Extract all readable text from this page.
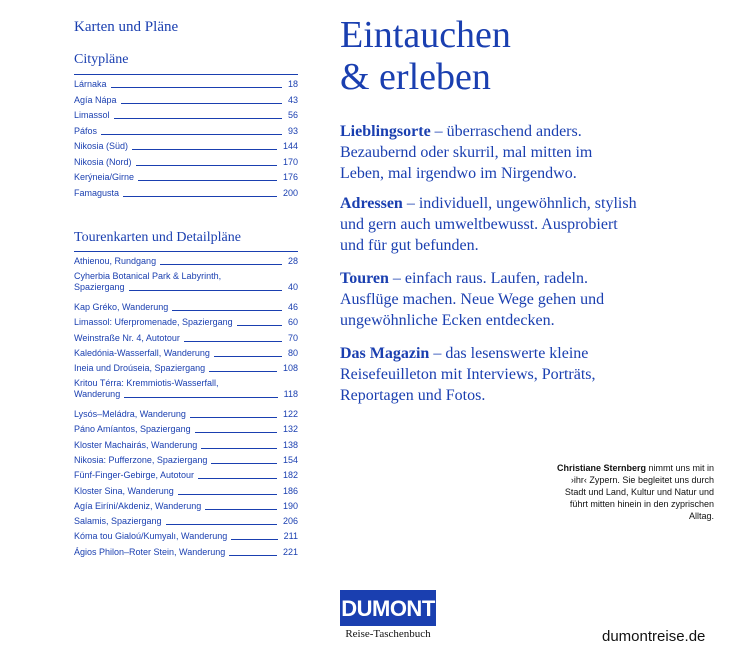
Karten und Pläne
Citypläne
Lárnaka	18
Agía Nápa	43
Limassol	56
Páfos	93
Nikosia (Süd)	144
Nikosia (Nord)	170
Kerýneia/Girne	176
Famagusta	200
Tourenkarten und Detailpläne
Athienou, Rundgang	28
Cyherbia Botanical Park & Labyrinth,
Spaziergang	40
Kap Gréko, Wanderung	46
Limassol: Uferpromenade, Spaziergang	60
Weinstraße Nr. 4, Autotour	70
Kaledónia-Wasserfall, Wanderung	80
Ineia und Droúseia, Spaziergang	108
Kritou Térra: Kremmiotis-Wasserfall,
Wanderung	118
Lysós–Meládra, Wanderung	122
Páno Amíantos, Spaziergang	132
Kloster Machairás, Wanderung	138
Nikosia: Pufferzone, Spaziergang	154
Fünf-Finger-Gebirge, Autotour	182
Kloster Sina, Wanderung	186
Agía Eiríni/Akdeniz, Wanderung	190
Salamis, Spaziergang	206
Kóma tou Gialoú/Kumyalı, Wanderung	211
Ágios Philon–Roter Stein, Wanderung	221
Eintauchen
& erleben
Lieblingsorte – überraschend anders. Bezaubernd oder skurril, mal mitten im Leben, mal irgendwo im Nirgendwo.
Adressen – individuell, ungewöhnlich, stylish und gern auch umweltbewusst. Ausprobiert und für gut befunden.
Touren – einfach raus. Laufen, radeln. Ausflüge machen. Neue Wege gehen und ungewöhnliche Ecken entdecken.
Das Magazin – das lesenswerte kleine Reisefeuilleton mit Interviews, Porträts, Reportagen und Fotos.
Christiane Sternberg nimmt uns mit in ›ihr‹ Zypern. Sie begleitet uns durch Stadt und Land, Kultur und Natur und führt mitten hinein in den zyprischen Alltag.
DUMONT
Reise-Taschenbuch	dumontreise.de
